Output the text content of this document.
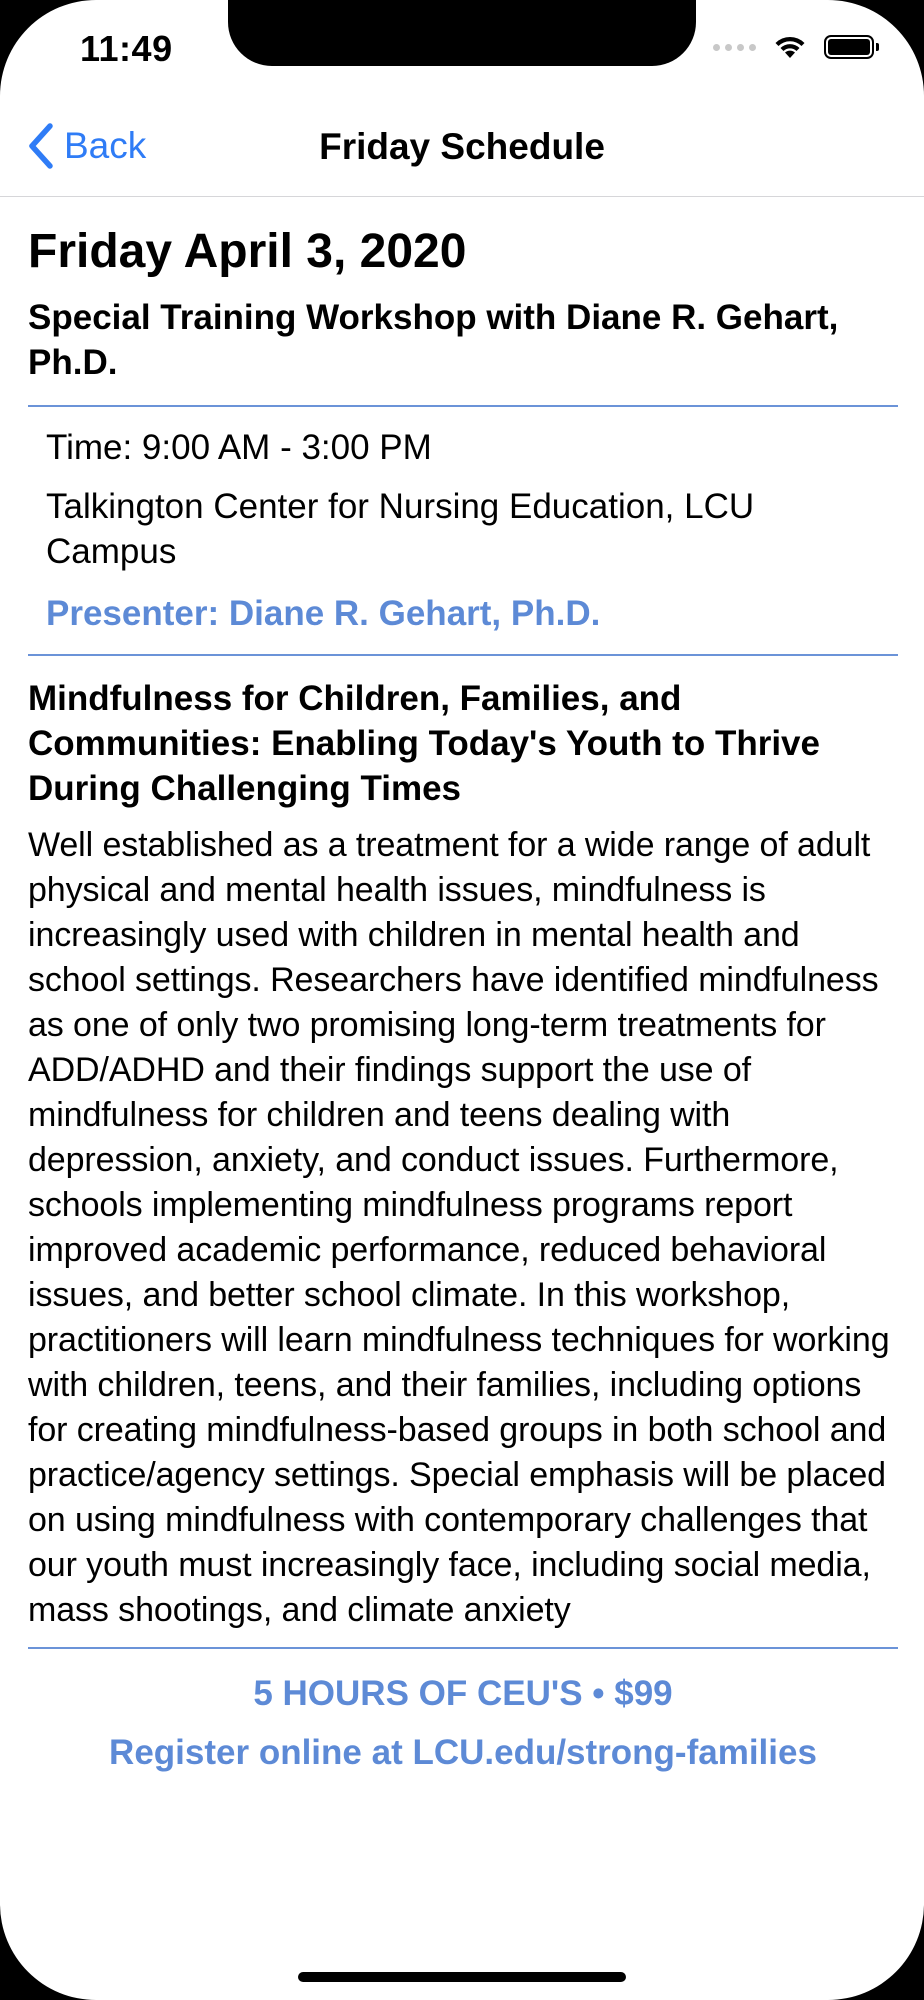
11:49
Back	Friday Schedule
Friday April 3, 2020
Special Training Workshop with Diane R. Gehart, Ph.D.
Time: 9:00 AM - 3:00 PM
Talkington Center for Nursing Education, LCU Campus
Presenter: Diane R. Gehart, Ph.D.
Mindfulness for Children, Families, and Communities: Enabling Today's Youth to Thrive During Challenging Times
Well established as a treatment for a wide range of adult physical and mental health issues, mindfulness is increasingly used with children in mental health and school settings. Researchers have identified mindfulness as one of only two promising long-term treatments for ADD/ADHD and their findings support the use of mindfulness for children and teens dealing with depression, anxiety, and conduct issues. Furthermore, schools implementing mindfulness programs report improved academic performance, reduced behavioral issues, and better school climate. In this workshop, practitioners will learn mindfulness techniques for working with children, teens, and their families, including options for creating mindfulness-based groups in both school and practice/agency settings. Special emphasis will be placed on using mindfulness with contemporary challenges that our youth must increasingly face, including social media, mass shootings, and climate anxiety
5 HOURS OF CEU'S • $99
Register online at LCU.edu/strong-families
